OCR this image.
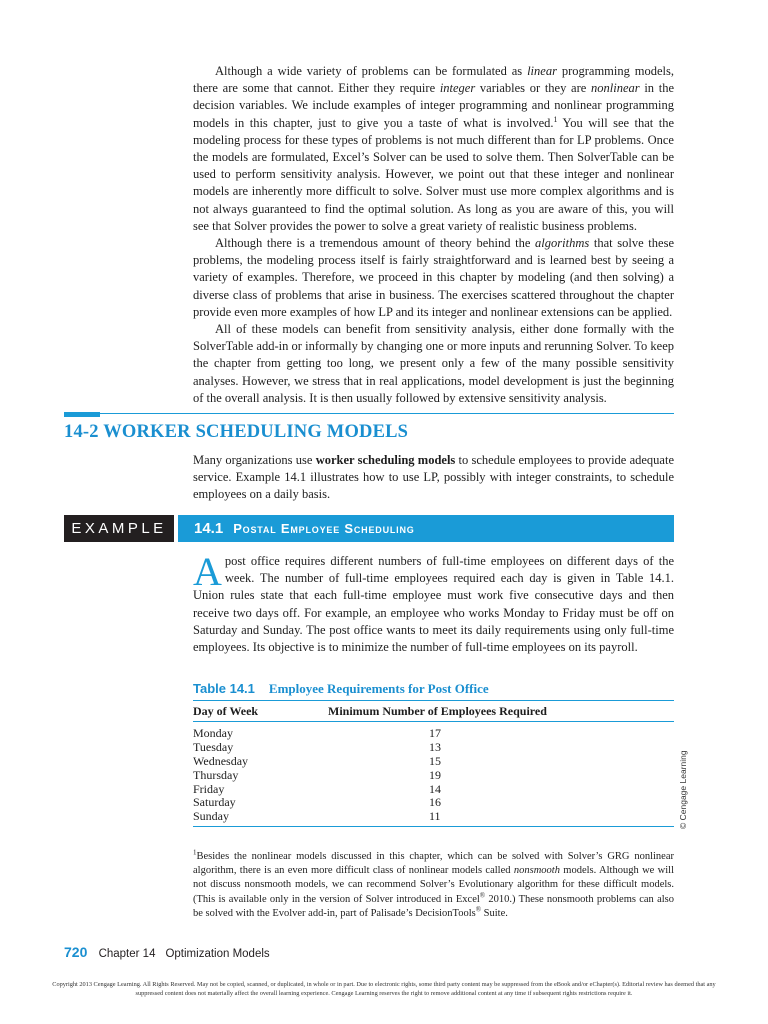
Although a wide variety of problems can be formulated as linear programming models, there are some that cannot. Either they require integer variables or they are nonlinear in the decision variables. We include examples of integer programming and nonlinear programming models in this chapter, just to give you a taste of what is involved.$^1$ You will see that the modeling process for these types of problems is not much different than for LP problems. Once the models are formulated, Excel’s Solver can be used to solve them. Then SolverTable can be used to perform sensitivity analysis. However, we point out that these integer and nonlinear models are inherently more difficult to solve. Solver must use more complex algorithms and is not always guaranteed to find the optimal solution. As long as you are aware of this, you will see that Solver provides the power to solve a great variety of realistic business problems.

Although there is a tremendous amount of theory behind the algorithms that solve these problems, the modeling process itself is fairly straightforward and is learned best by seeing a variety of examples. Therefore, we proceed in this chapter by modeling (and then solving) a diverse class of problems that arise in business. The exercises scattered throughout the chapter provide even more examples of how LP and its integer and nonlinear extensions can be applied.

All of these models can benefit from sensitivity analysis, either done formally with the SolverTable add-in or informally by changing one or more inputs and rerunning Solver. To keep the chapter from getting too long, we present only a few of the many possible sensitivity analyses. However, we stress that in real applications, model development is just the beginning of the overall analysis. It is then usually followed by extensive sensitivity analysis.

14-2 WORKER SCHEDULING MODELS

Many organizations use worker scheduling models to schedule employees to provide adequate service. Example 14.1 illustrates how to use LP, possibly with integer constraints, to schedule employees on a daily basis.

EXAMPLE	14.1 Postal Employee Scheduling

A post office requires different numbers of full-time employees on different days of the week. The number of full-time employees required each day is given in Table 14.1. Union rules state that each full-time employee must work five consecutive days and then receive two days off. For example, an employee who works Monday to Friday must be off on Saturday and Sunday. The post office wants to meet its daily requirements using only full-time employees. Its objective is to minimize the number of full-time employees on its payroll.

Table 14.1 Employee Requirements for Post Office
Day of Week	Minimum Number of Employees Required
Monday	17
Tuesday	13
Wednesday	15
Thursday	19
Friday	14
Saturday	16
Sunday	11	© Cengage Learning

$^1$Besides the nonlinear models discussed in this chapter, which can be solved with Solver’s GRG nonlinear algorithm, there is an even more difficult class of nonlinear models called nonsmooth models. Although we will not discuss nonsmooth models, we can recommend Solver’s Evolutionary algorithm for these difficult models. (This is available only in the version of Solver introduced in Excel® 2010.) These nonsmooth problems can also be solved with the Evolver add-in, part of Palisade’s DecisionTools® Suite.

720 Chapter 14 Optimization Models

Copyright 2013 Cengage Learning. All Rights Reserved. May not be copied, scanned, or duplicated, in whole or in part. Due to electronic rights, some third party content may be suppressed from the eBook and/or eChapter(s). Editorial review has deemed that any suppressed content does not materially affect the overall learning experience. Cengage Learning reserves the right to remove additional content at any time if subsequent rights restrictions require it.
